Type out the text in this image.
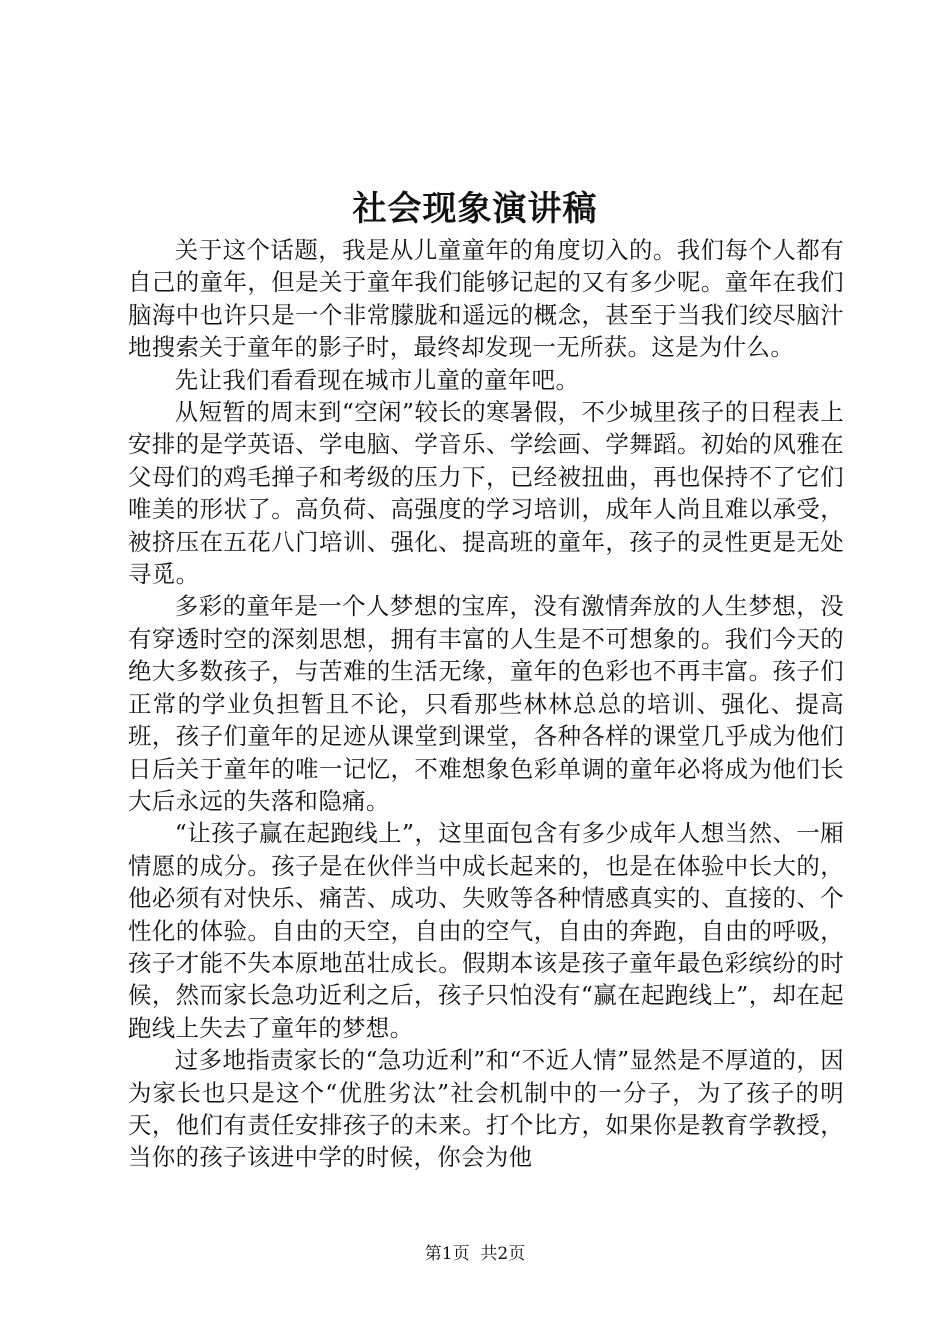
社会现象演讲稿

关于这个话题，我是从儿童童年的角度切入的。我们每个人都有自己的童年，但是关于童年我们能够记起的又有多少呢。童年在我们脑海中也许只是一个非常朦胧和遥远的概念，甚至于当我们绞尽脑汁地搜索关于童年的影子时，最终却发现一无所获。这是为什么。

先让我们看看现在城市儿童的童年吧。

从短暂的周末到“空闲”较长的寒暑假，不少城里孩子的日程表上安排的是学英语、学电脑、学音乐、学绘画、学舞蹈。初始的风雅在父母们的鸡毛掸子和考级的压力下，已经被扭曲，再也保持不了它们唯美的形状了。高负荷、高强度的学习培训，成年人尚且难以承受，被挤压在五花八门培训、强化、提高班的童年，孩子的灵性更是无处寻觅。

多彩的童年是一个人梦想的宝库，没有激情奔放的人生梦想，没有穿透时空的深刻思想，拥有丰富的人生是不可想象的。我们今天的绝大多数孩子，与苦难的生活无缘，童年的色彩也不再丰富。孩子们正常的学业负担暂且不论，只看那些林林总总的培训、强化、提高班，孩子们童年的足迹从课堂到课堂，各种各样的课堂几乎成为他们日后关于童年的唯一记忆，不难想象色彩单调的童年必将成为他们长大后永远的失落和隐痛。

“让孩子赢在起跑线上”，这里面包含有多少成年人想当然、一厢情愿的成分。孩子是在伙伴当中成长起来的，也是在体验中长大的，他必须有对快乐、痛苦、成功、失败等各种情感真实的、直接的、个性化的体验。自由的天空，自由的空气，自由的奔跑，自由的呼吸，孩子才能不失本原地茁壮成长。假期本该是孩子童年最色彩缤纷的时候，然而家长急功近利之后，孩子只怕没有“赢在起跑线上”，却在起跑线上失去了童年的梦想。

过多地指责家长的“急功近利”和“不近人情”显然是不厚道的，因为家长也只是这个“优胜劣汰”社会机制中的一分子，为了孩子的明天，他们有责任安排孩子的未来。打个比方，如果你是教育学教授，当你的孩子该进中学的时候，你会为他

第1页  共2页
